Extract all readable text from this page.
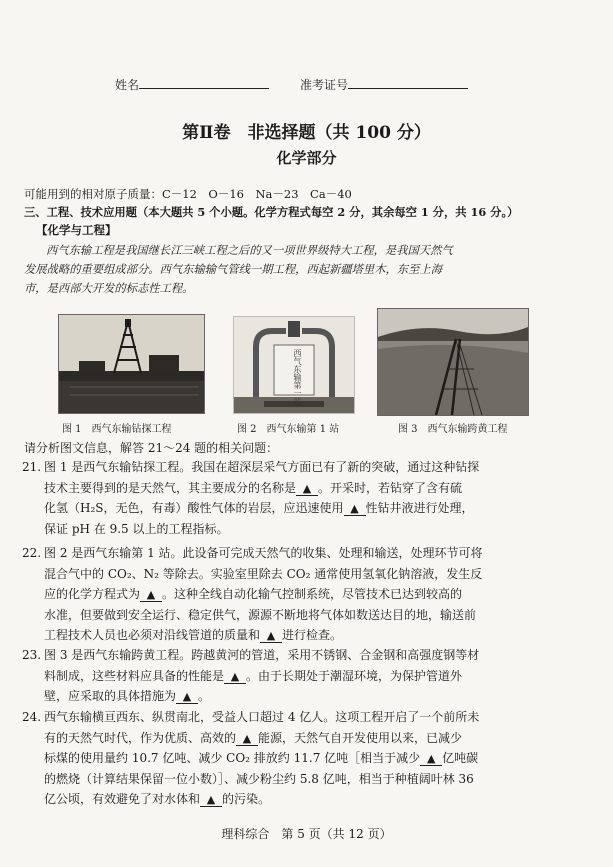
姓名	准考证号
第Ⅱ卷　非选择题（共 100 分）
化学部分
可能用到的相对原子质量：C－12　O－16　Na－23　Ca－40
三、工程、技术应用题（本大题共 5 个小题。化学方程式每空 2 分，其余每空 1 分，共 16 分。）
【化学与工程】
西气东输工程是我国继长江三峡工程之后的又一项世界级特大工程，是我国天然气
发展战略的重要组成部分。西气东输输气管线一期工程，西起新疆塔里木，东至上海
市，是西部大开发的标志性工程。
图 1　西气东输钻探工程
西气东输第一站
图 2　西气东输第 1 站	图 3　西气东输跨黄工程
请分析图文信息，解答 21～24 题的相关问题：
21. 图 1 是西气东输钻探工程。我国在超深层采气方面已有了新的突破，通过这种钻探
技术主要得到的是天然气，其主要成分的名称是 ▲ 。开采时，若钻穿了含有硫
化氢（H₂S，无色，有毒）酸性气体的岩层，应迅速使用 ▲ 性钻井液进行处理，
保证 pH 在 9.5 以上的工程指标。
22. 图 2 是西气东输第 1 站。此设备可完成天然气的收集、处理和输送，处理环节可将
混合气中的 CO₂、N₂ 等除去。实验室里除去 CO₂ 通常使用氢氧化钠溶液，发生反
应的化学方程式为 ▲ 。这种全线自动化输气控制系统，尽管技术已达到较高的
水准，但要做到安全运行、稳定供气，源源不断地将气体如数送达目的地，输送前
工程技术人员也必须对沿线管道的质量和 ▲ 进行检查。
23. 图 3 是西气东输跨黄工程。跨越黄河的管道，采用不锈钢、合金钢和高强度钢等材
料制成，这些材料应具备的性能是 ▲ 。由于长期处于潮湿环境，为保护管道外
壁，应采取的具体措施为 ▲ 。
24. 西气东输横亘西东、纵贯南北，受益人口超过 4 亿人。这项工程开启了一个前所未
有的天然气时代，作为优质、高效的 ▲ 能源，天然气自开发使用以来，已减少
标煤的使用量约 10.7 亿吨、减少 CO₂ 排放约 11.7 亿吨［相当于减少 ▲ 亿吨碳
的燃烧（计算结果保留一位小数）］、减少粉尘约 5.8 亿吨，相当于种植阔叶林 36
亿公顷，有效避免了对水体和 ▲ 的污染。
理科综合　第 5 页（共 12 页）
